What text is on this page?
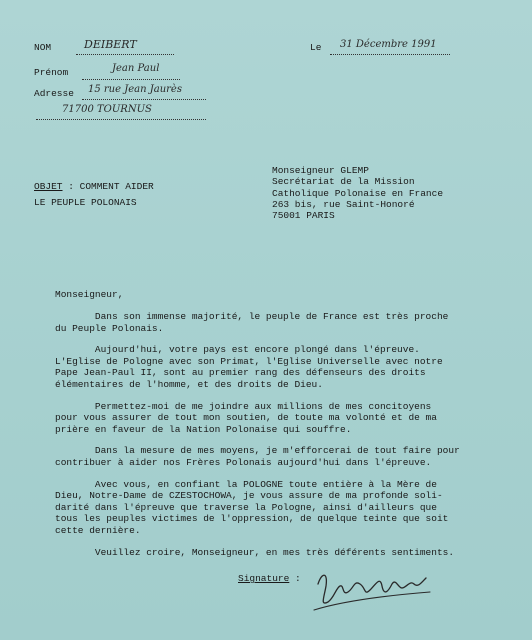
NOM	DEIBERT	Le 31 Décembre 1991
Prénom	Jean Paul
Adresse 15 rue Jean Jaurès
71700 TOURNUS
OBJET : COMMENT AIDER
LE PEUPLE POLONAIS
Monseigneur GLEMP
Secrétariat de la Mission
Catholique Polonaise en France
263 bis, rue Saint-Honoré
75001 PARIS
Monseigneur,

Dans son immense majorité, le peuple de France est très proche
du Peuple Polonais.

Aujourd'hui, votre pays est encore plongé dans l'épreuve.
L'Eglise de Pologne avec son Primat, l'Eglise Universelle avec notre
Pape Jean-Paul II, sont au premier rang des défenseurs des droits
élémentaires de l'homme, et des droits de Dieu.

Permettez-moi de me joindre aux millions de mes concitoyens
pour vous assurer de tout mon soutien, de toute ma volonté et de ma
prière en faveur de la Nation Polonaise qui souffre.

Dans la mesure de mes moyens, je m'efforcerai de tout faire pour
contribuer à aider nos Frères Polonais aujourd'hui dans l'épreuve.

Avec vous, en confiant la POLOGNE toute entière à la Mère de
Dieu, Notre-Dame de CZESTOCHOWA, je vous assure de ma profonde soli-
darité dans l'épreuve que traverse la Pologne, ainsi d'ailleurs que
tous les peuples victimes de l'oppression, de quelque teinte que soit
cette dernière.

Veuillez croire, Monseigneur, en mes très déférents sentiments.

Signature :
